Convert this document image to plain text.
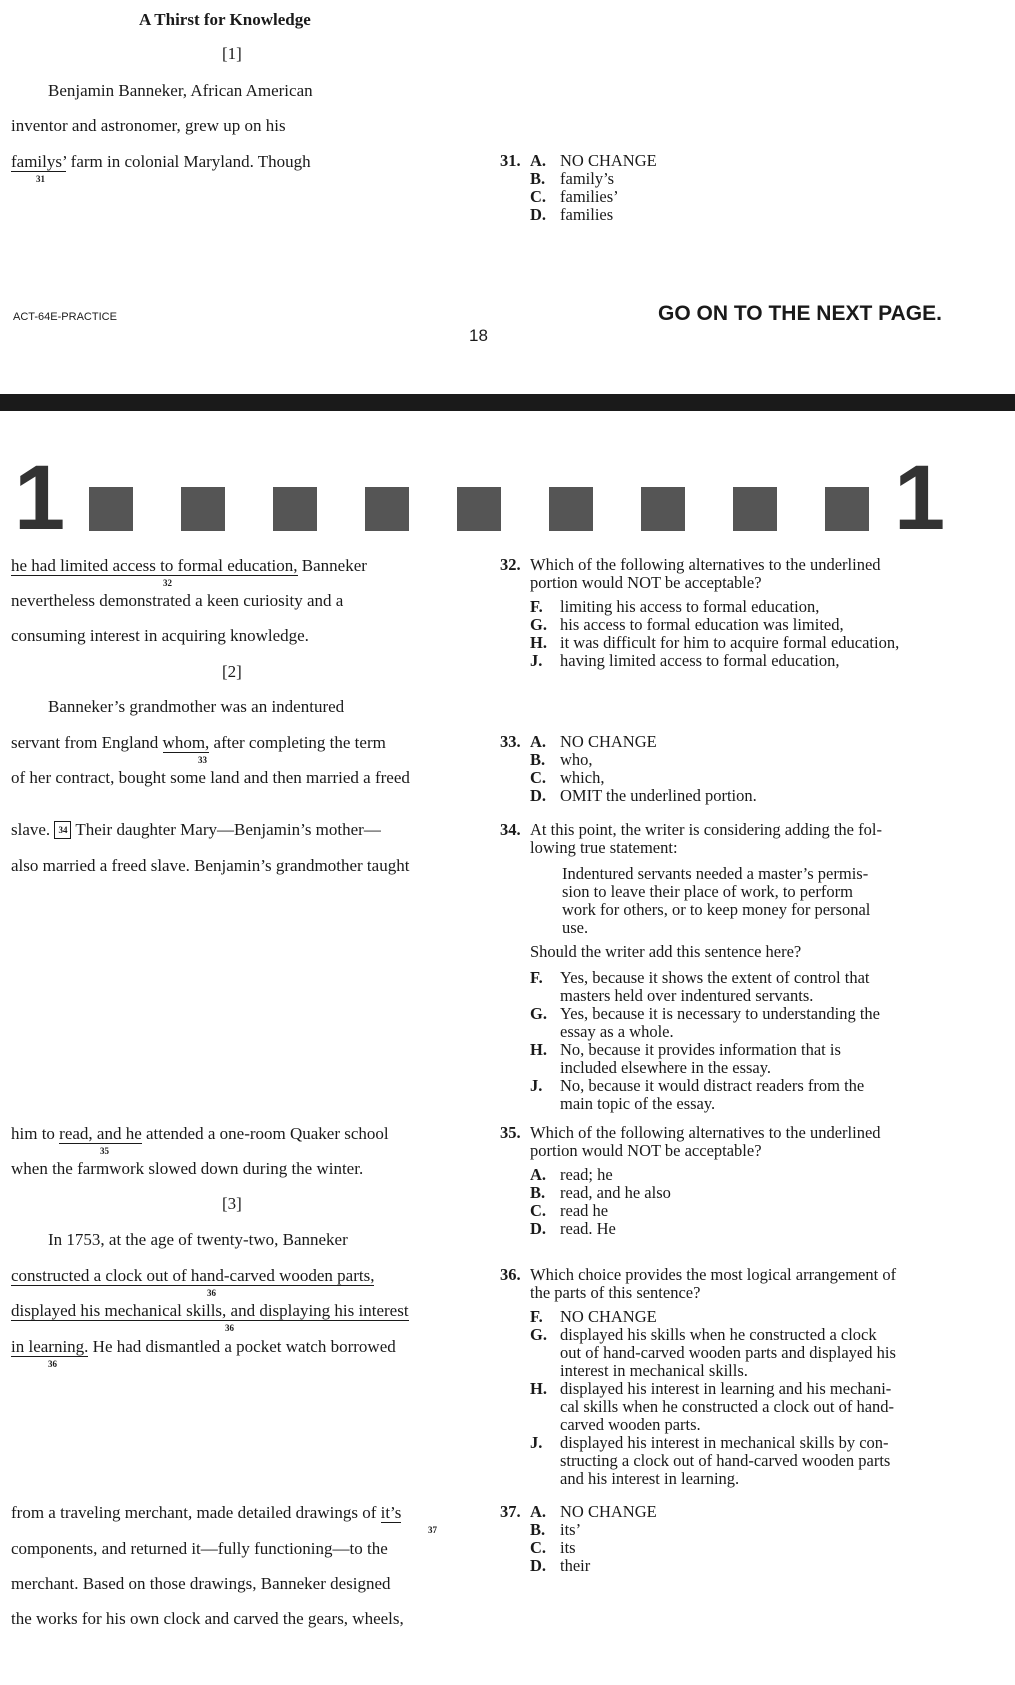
A Thirst for Knowledge
[1]
Benjamin Banneker, African American
inventor and astronomer, grew up on his
familys’ farm in colonial Maryland. Though
31
31. A. NO CHANGE
B. family’s
C. families’
D. families
ACT-64E-PRACTICE	GO ON TO THE NEXT PAGE.
18
1	1
he had limited access to formal education, Banneker
32
nevertheless demonstrated a keen curiosity and a
consuming interest in acquiring knowledge.
[2]
Banneker’s grandmother was an indentured
servant from England whom, after completing the term
33
of her contract, bought some land and then married a freed
slave. 34 Their daughter Mary—Benjamin’s mother—
also married a freed slave. Benjamin’s grandmother taught
him to read, and he attended a one-room Quaker school
35
when the farmwork slowed down during the winter.
[3]
In 1753, at the age of twenty-two, Banneker
constructed a clock out of hand-carved wooden parts,
36
displayed his mechanical skills, and displaying his interest
36
in learning. He had dismantled a pocket watch borrowed
36
from a traveling merchant, made detailed drawings of it’s
37
components, and returned it—fully functioning—to the
merchant. Based on those drawings, Banneker designed
the works for his own clock and carved the gears, wheels,
32. Which of the following alternatives to the underlined
portion would NOT be acceptable?
F. limiting his access to formal education,
G. his access to formal education was limited,
H. it was difficult for him to acquire formal education,
J. having limited access to formal education,
33. A. NO CHANGE
B. who,
C. which,
D. OMIT the underlined portion.
34. At this point, the writer is considering adding the fol-
lowing true statement:
Indentured servants needed a master’s permis-
sion to leave their place of work, to perform
work for others, or to keep money for personal
use.
Should the writer add this sentence here?
F. Yes, because it shows the extent of control that
masters held over indentured servants.
G. Yes, because it is necessary to understanding the
essay as a whole.
H. No, because it provides information that is
included elsewhere in the essay.
J. No, because it would distract readers from the
main topic of the essay.
35. Which of the following alternatives to the underlined
portion would NOT be acceptable?
A. read; he
B. read, and he also
C. read he
D. read. He
36. Which choice provides the most logical arrangement of
the parts of this sentence?
F. NO CHANGE
G. displayed his skills when he constructed a clock
out of hand-carved wooden parts and displayed his
interest in mechanical skills.
H. displayed his interest in learning and his mechani-
cal skills when he constructed a clock out of hand-
carved wooden parts.
J. displayed his interest in mechanical skills by con-
structing a clock out of hand-carved wooden parts
and his interest in learning.
37. A. NO CHANGE
B. its’
C. its
D. their
